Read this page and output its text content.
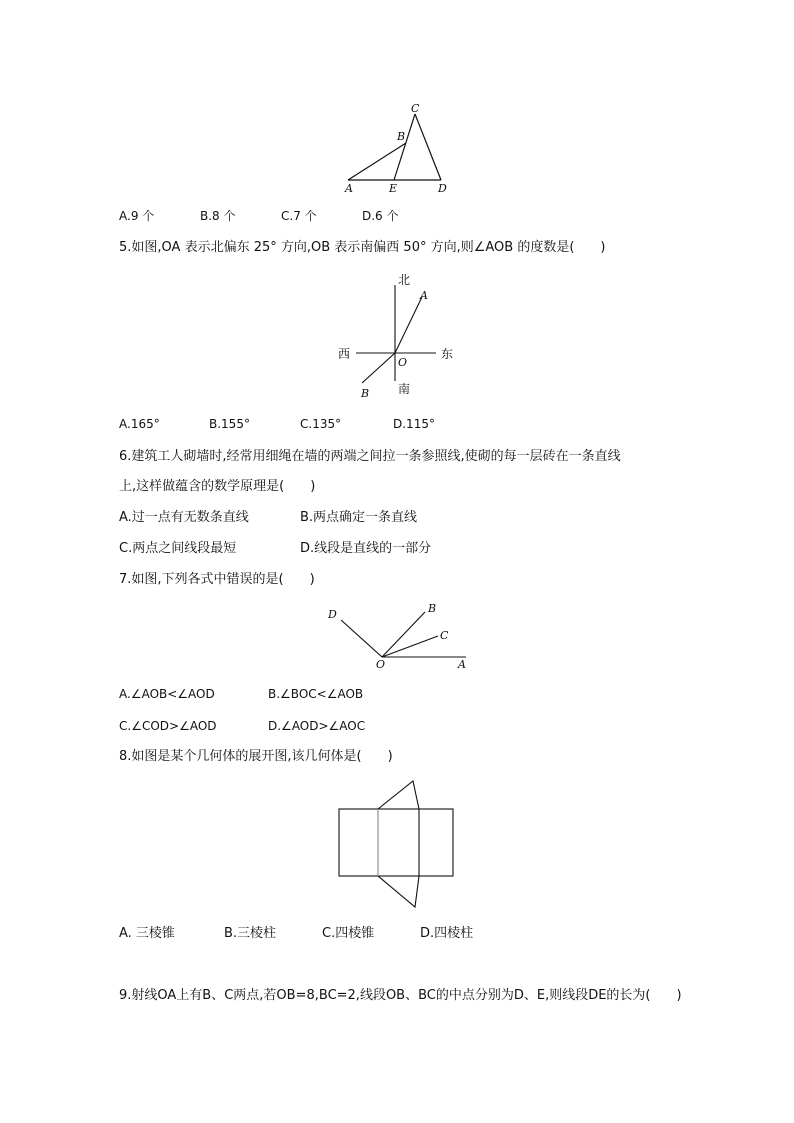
C
B
A	E	D
A.9 个	B.8 个	C.7 个	D.6 个
5.如图,OA 表示北偏东 25° 方向,OB 表示南偏西 50° 方向,则∠AOB 的度数是(　　)
北
南
东
西
O
A
B
A.165°	B.155°	C.135°	D.115°
6.建筑工人砌墙时,经常用细绳在墙的两端之间拉一条参照线,使砌的每一层砖在一条直线
上,这样做蕴含的数学原理是(　　)
A.过一点有无数条直线	B.两点确定一条直线
C.两点之间线段最短	D.线段是直线的一部分
7.如图,下列各式中错误的是(　　)
D	B
C
O	A
A.∠AOB<∠AOD	B.∠BOC<∠AOB
C.∠COD>∠AOD	D.∠AOD>∠AOC
8.如图是某个几何体的展开图,该几何体是(　　)
A. 三棱锥	B.三棱柱	C.四棱锥	D.四棱柱
9.射线OA上有B、C两点,若OB=8,BC=2,线段OB、BC的中点分别为D、E,则线段DE的长为(　　)
